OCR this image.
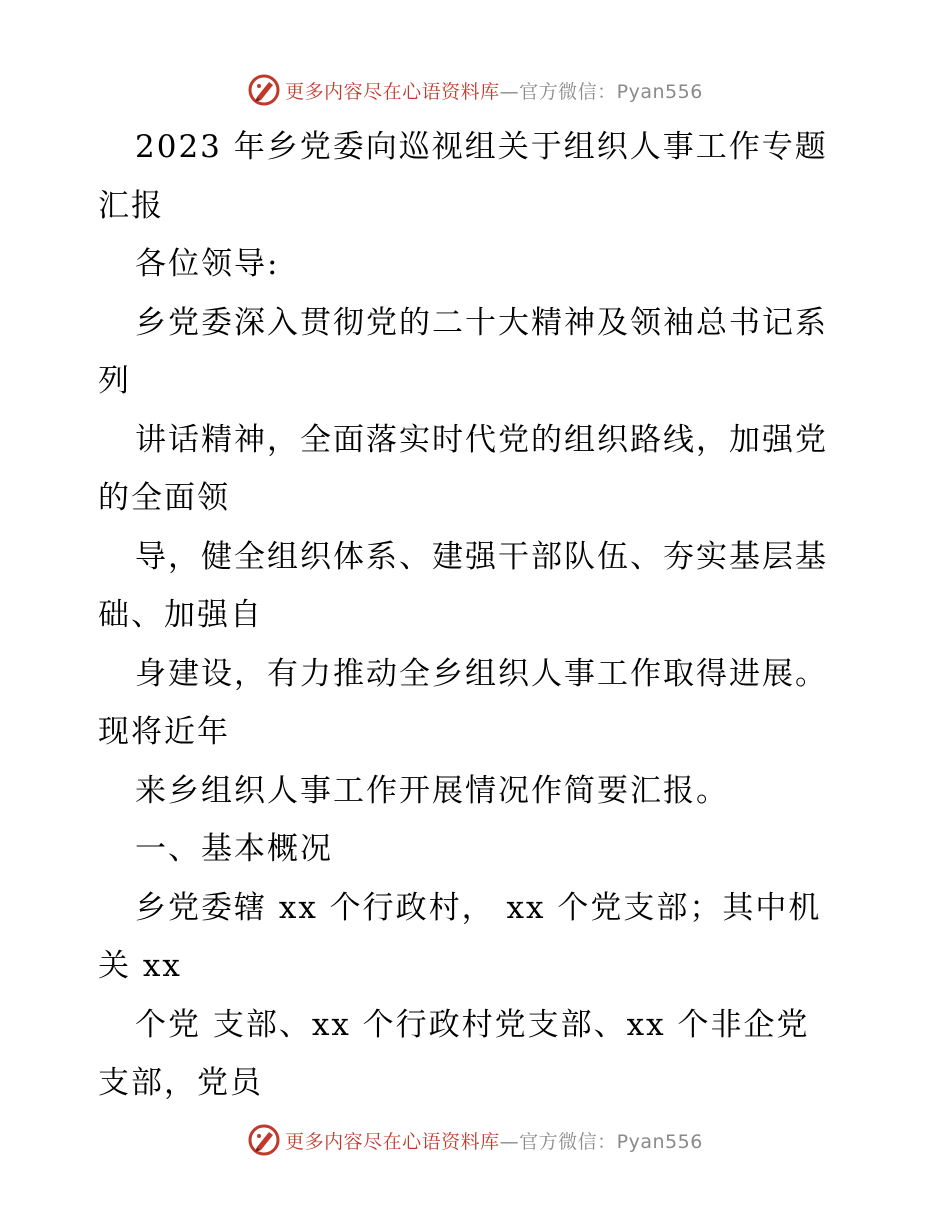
更多内容尽在心语资料库—官方微信：Pyan556
2023 年乡党委向巡视组关于组织人事工作专题
汇报
各位领导:
乡党委深入贯彻党的二十大精神及领袖总书记系
列
讲话精神，全面落实时代党的组织路线，加强党
的全面领
导，健全组织体系、建强干部队伍、夯实基层基
础、加强自
身建设，有力推动全乡组织人事工作取得进展。
现将近年
来乡组织人事工作开展情况作简要汇报。
一、基本概况
乡党委辖 xx 个行政村， xx 个党支部；其中机
关 xx
个党 支部、xx 个行政村党支部、xx 个非企党
支部，党员
更多内容尽在心语资料库—官方微信：Pyan556
